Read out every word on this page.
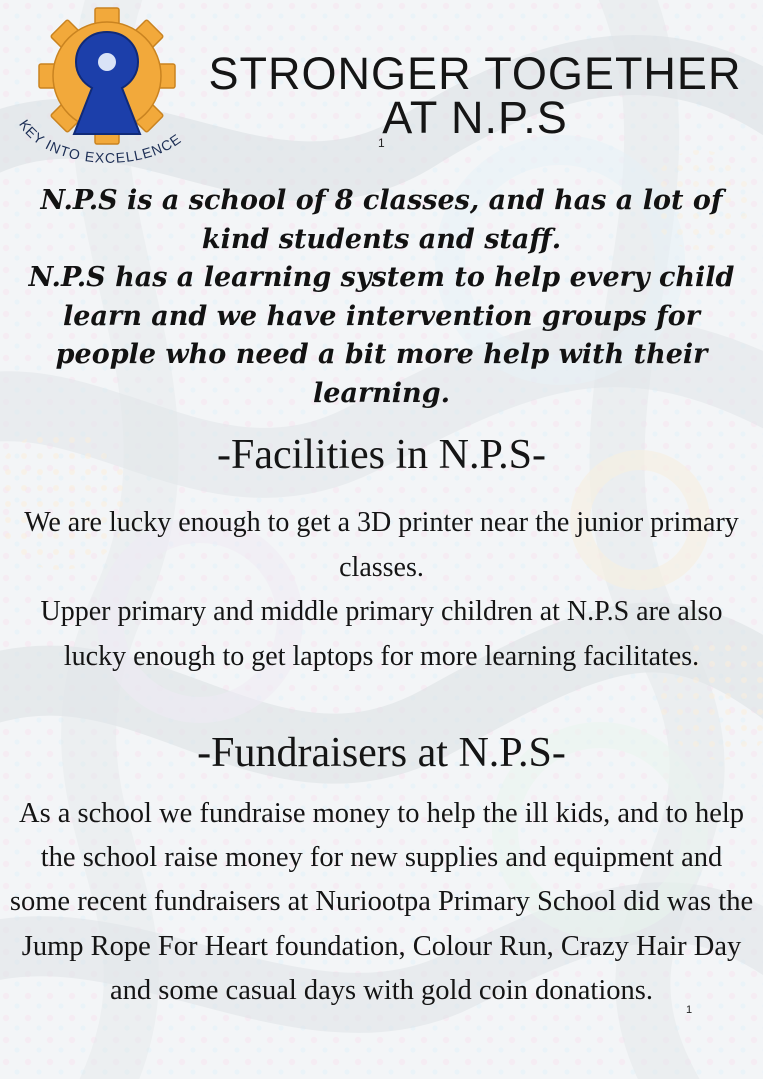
KEY INTO EXCELLENCE
STRONGER TOGETHER
AT N.P.S
1

N.P.S is a school of 8 classes, and has a lot of kind students and staff.

N.P.S has a learning system to help every child learn and we have intervention groups for people who need a bit more help with their learning.

-Facilities in N.P.S-

We are lucky enough to get a 3D printer near the junior primary classes.

Upper primary and middle primary children at N.P.S are also lucky enough to get laptops for more learning facilitates.

-Fundraisers at N.P.S-

As a school we fundraise money to help the ill kids, and to help the school raise money for new supplies and equipment and some recent fundraisers at Nuriootpa Primary School did was the Jump Rope For Heart foundation, Colour Run, Crazy Hair Day and some casual days with gold coin donations.

1
